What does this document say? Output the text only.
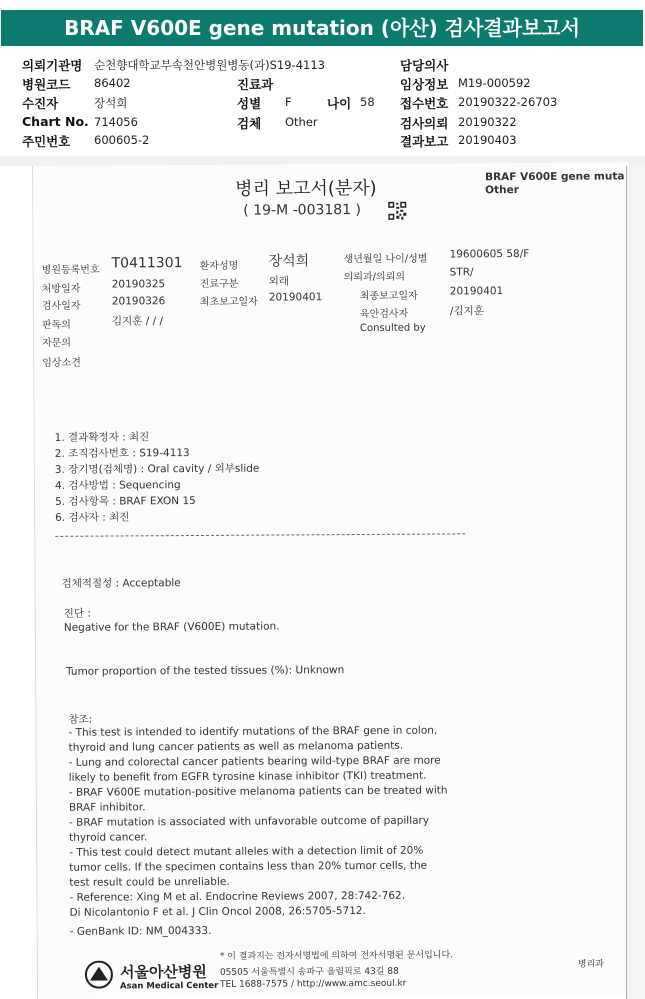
BRAF V600E gene mutation (아산) 검사결과보고서
의뢰기관명 순천향대학교부속천안병원병동(과)S19-4113
병원코드 86402
수진자	장석희
Chart No. 714056
주민번호 600605-2
진료과
성별 F	나이 58
검체 Other
담당의사
임상정보 M19-000592
접수번호 20190322-26703
검사의뢰 20190322
결과보고 20190403
BRAF V600E gene muta
Other
병리 보고서(분자)
( 19-M -003181 )
병원등록번호 T0411301
처방일자	20190325
검사일자	20190326
판독의	김지훈 / / /
자문의
임상소견
환자성명 장석희
진료구분	외래
최초보고일자 20190401
생년월일 나이/성별 19600605 58/F
의뢰과/의뢰의	STR/
최종보고일자	20190401
육안검사자	/김지훈
Consulted by
1. 결과확정자 : 최진
2. 조직검사번호 : S19-4113
3. 장기명(검체명) : Oral cavity / 외부slide
4. 검사방법 : Sequencing
5. 검사항목 : BRAF EXON 15
6. 검사자 : 최진
검체적절성 : Acceptable
진단 :
Negative for the BRAF (V600E) mutation.
Tumor proportion of the tested tissues (%): Unknown
참조:
- This test is intended to identify mutations of the BRAF gene in colon,
thyroid and lung cancer patients as well as melanoma patients.
- Lung and colorectal cancer patients bearing wild-type BRAF are more
likely to benefit from EGFR tyrosine kinase inhibitor (TKI) treatment.
- BRAF V600E mutation-positive melanoma patients can be treated with
BRAF inhibitor.
- BRAF mutation is associated with unfavorable outcome of papillary
thyroid cancer.
- This test could detect mutant alleles with a detection limit of 20%
tumor cells. If the specimen contains less than 20% tumor cells, the
test result could be unreliable.
- Reference: Xing M et al. Endocrine Reviews 2007, 28:742-762.
Di Nicolantonio F et al. J Clin Oncol 2008, 26:5705-5712.
- GenBank ID: NM_004333.
서울아산병원
Asan Medical Center
* 이 결과지는 전자서명법에 의하여 전자서명된 문서입니다.
05505 서울특별시 송파구 올림픽로 43길 88
TEL 1688-7575 / http://www.amc.seoul.kr
병리과
